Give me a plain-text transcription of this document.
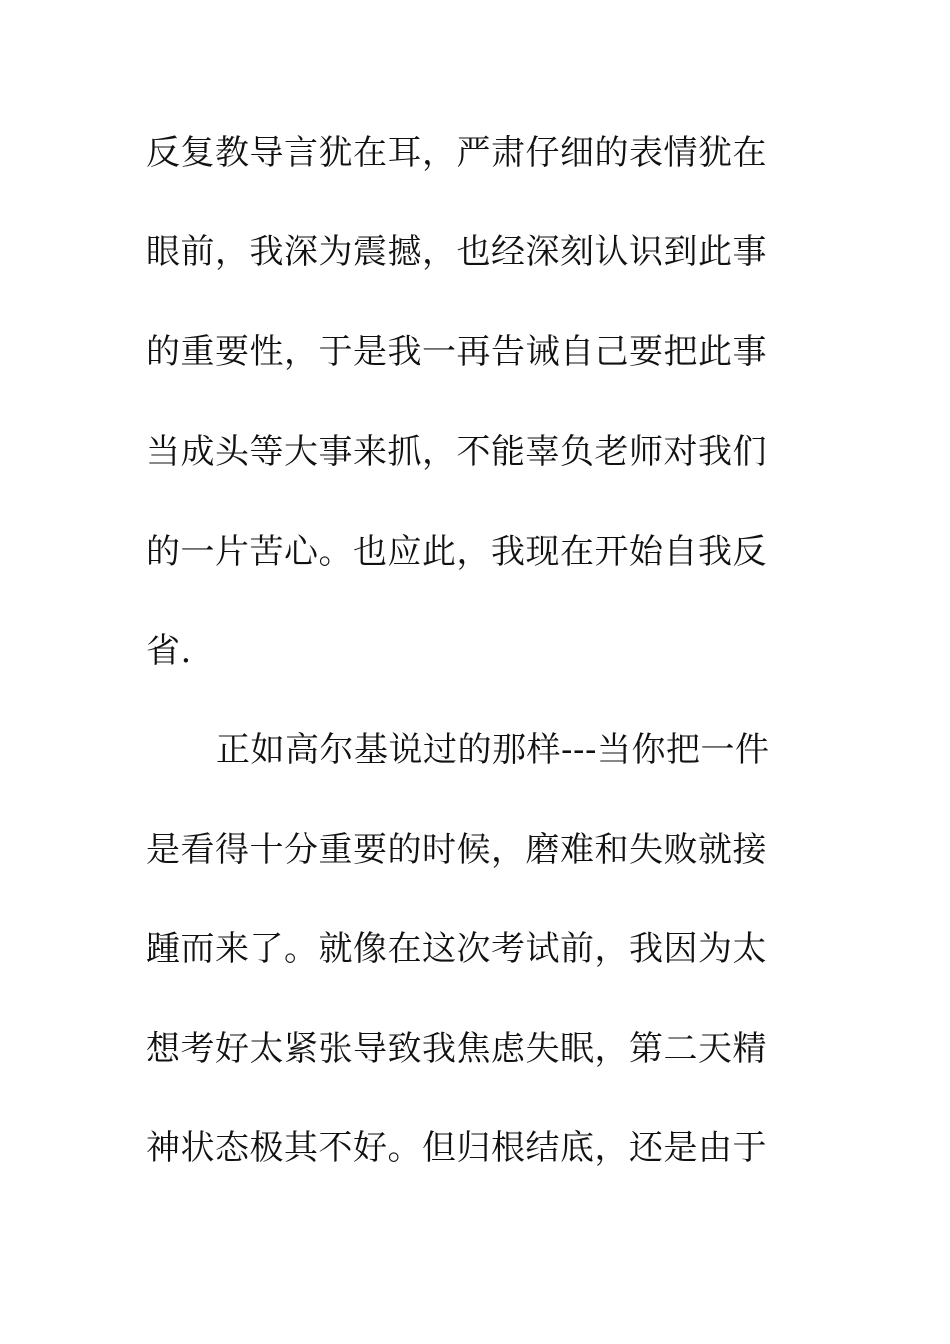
反复教导言犹在耳，严肃仔细的表情犹在
眼前，我深为震撼，也经深刻认识到此事
的重要性，于是我一再告诫自己要把此事
当成头等大事来抓，不能辜负老师对我们
的一片苦心。也应此，我现在开始自我反
省.
正如高尔基说过的那样---当你把一件
是看得十分重要的时候，磨难和失败就接
踵而来了。就像在这次考试前，我因为太
想考好太紧张导致我焦虑失眠，第二天精
神状态极其不好。但归根结底，还是由于
